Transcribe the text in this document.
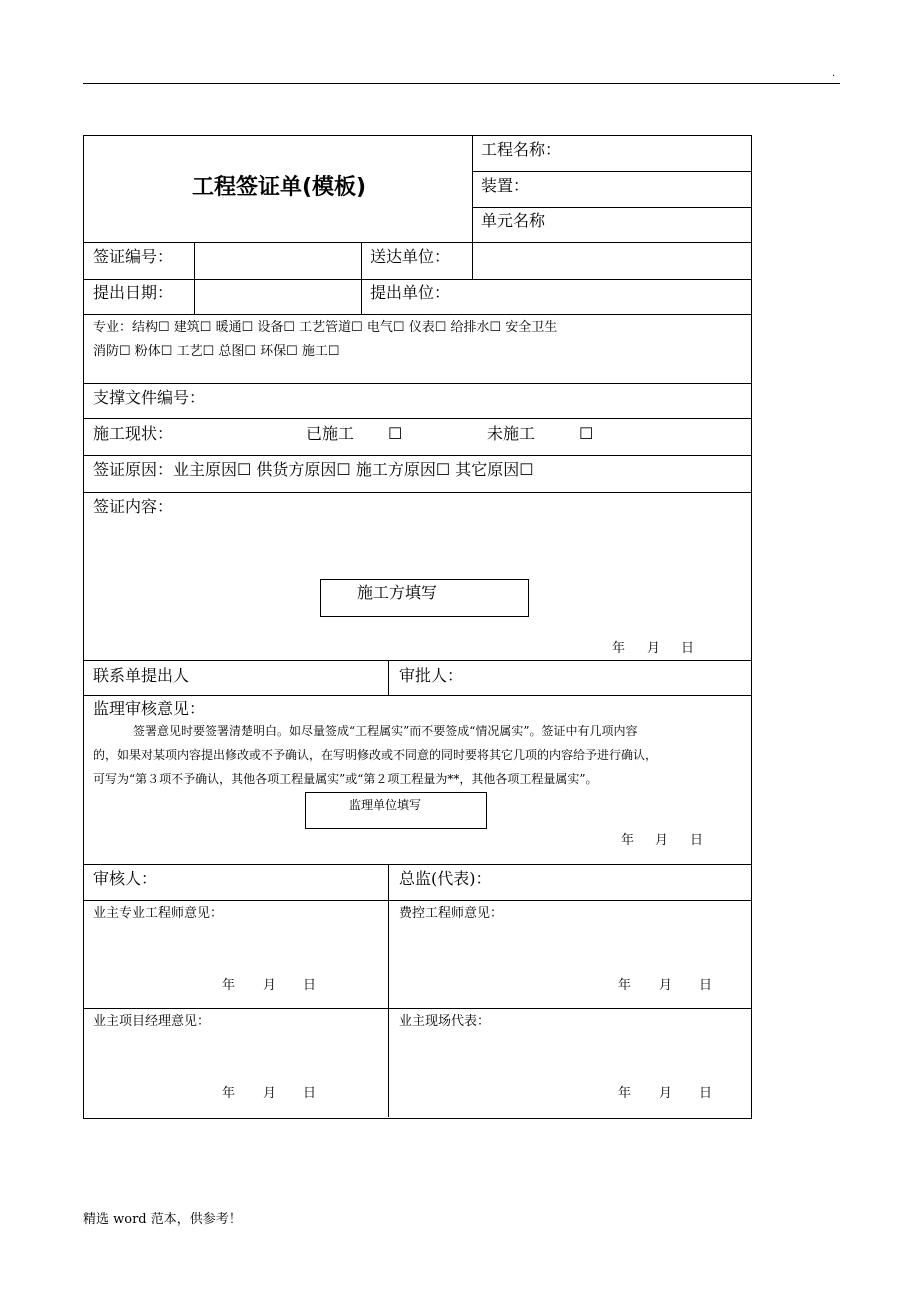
.
工程签证单(模板)
工程名称：
装置：
单元名称
签证编号：	送达单位：
提出日期：	提出单位：
专业：结构☐ 建筑☐ 暖通☐ 设备☐ 工艺管道☐ 电气☐ 仪表☐ 给排水☐ 安全卫生
消防☐ 粉体☐ 工艺☐ 总图☐ 环保☐ 施工☐
支撑文件编号：
施工现状：	已施工 ☐	未施工	☐
签证原因：业主原因☐ 供货方原因☐ 施工方原因☐ 其它原因☐
签证内容：
施工方填写
年 月 日
联系单提出人	审批人：
监理审核意见：
签署意见时要签署清楚明白。如尽量签成“工程属实”而不要签成“情况属实”。签证中有几项内容
的，如果对某项内容提出修改或不予确认，在写明修改或不同意的同时要将其它几项的内容给予进行确认，
可写为“第３项不予确认，其他各项工程量属实”或“第２项工程量为**，其他各项工程量属实”。
监理单位填写
年 月 日
审核人：	总监(代表)：
业主专业工程师意见：	费控工程师意见：
年 月 日	年 月 日
业主项目经理意见：	业主现场代表：
年 月 日	年 月 日
精选 word 范本，供参考！
